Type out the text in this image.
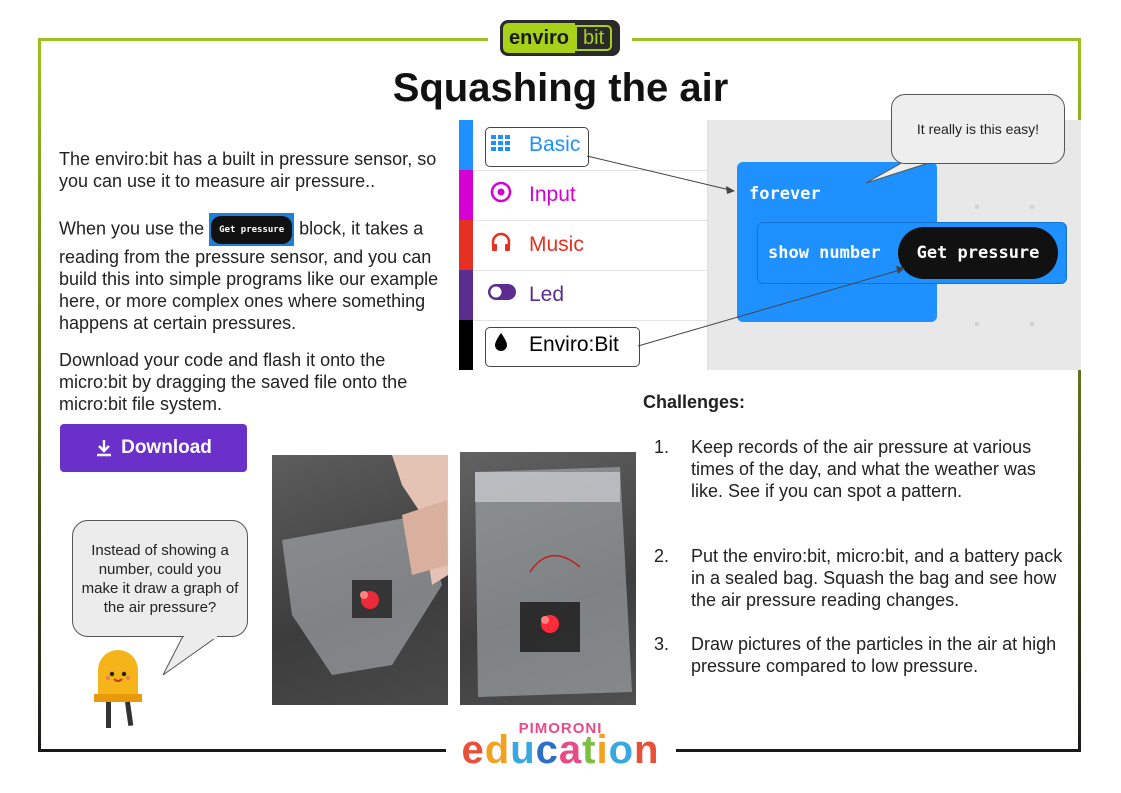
enviro bit
Squashing the air
The enviro:bit has a built in pressure sensor, so you can use it to measure air pressure..
When you use the Get pressure block, it takes a reading from the pressure sensor, and you can build this into simple programs like our example here, or more complex ones where something happens at certain pressures.
Download your code and flash it onto the micro:bit by dragging the saved file onto the micro:bit file system.
Download
Basic
Input
Music
Led
Enviro:Bit
forever
show number	Get pressure
It really is this easy!
Challenges:
1. Keep records of the air pressure at various times of the day, and what the weather was like. See if you can spot a pattern.
2. Put the enviro:bit, micro:bit, and a battery pack in a sealed bag. Squash the bag and see how the air pressure reading changes.
3. Draw pictures of the particles in the air at high pressure compared to low pressure.
Instead of showing a number, could you make it draw a graph of the air pressure?
PIMORONI
education
